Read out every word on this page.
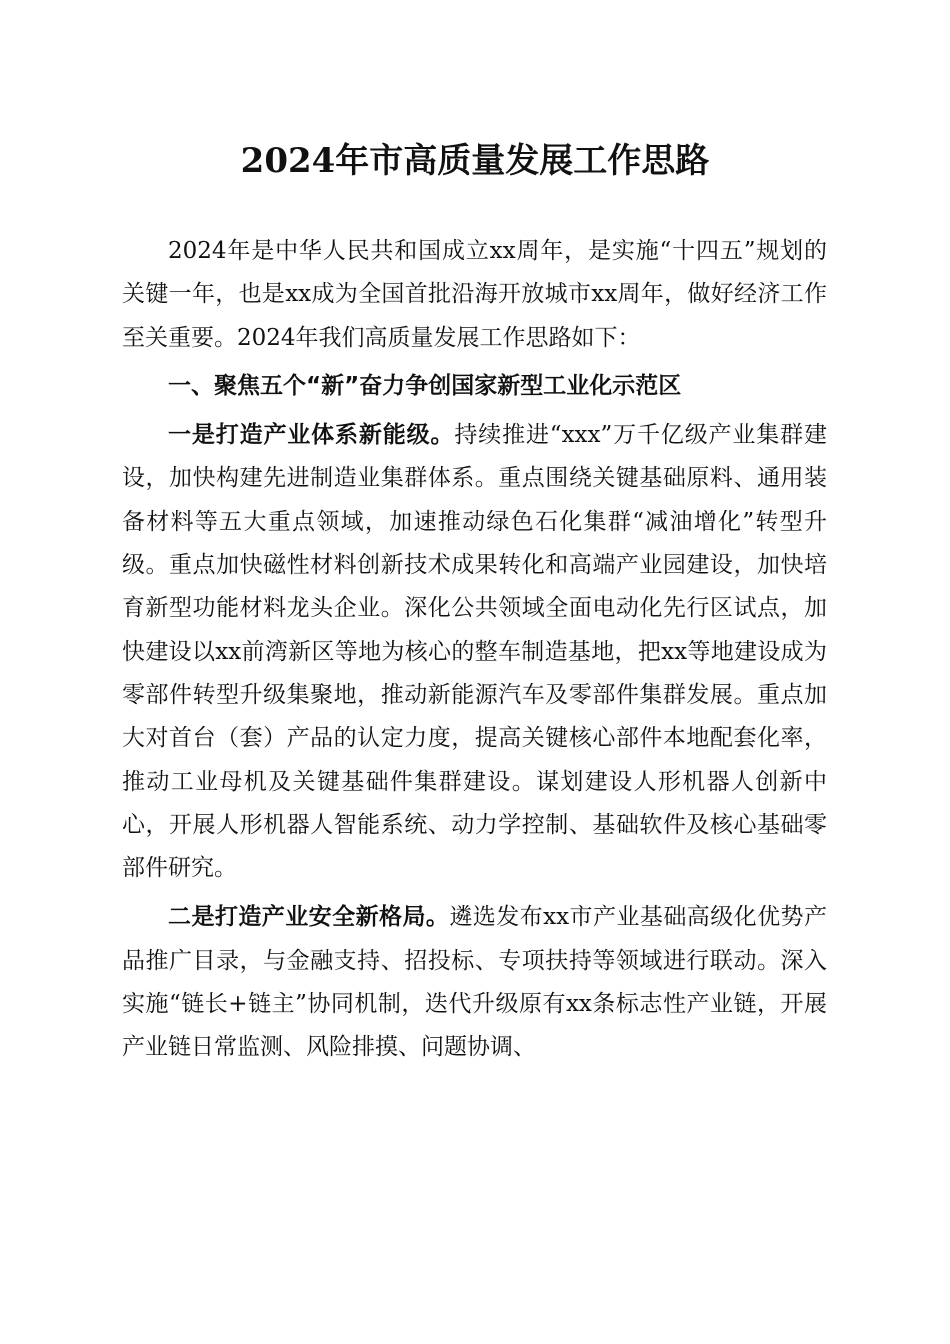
2024年市高质量发展工作思路

2024年是中华人民共和国成立xx周年，是实施“十四五”规划的关键一年，也是xx成为全国首批沿海开放城市xx周年，做好经济工作至关重要。2024年我们高质量发展工作思路如下：

一、聚焦五个“新”奋力争创国家新型工业化示范区

一是打造产业体系新能级。持续推进“xxx”万千亿级产业集群建设，加快构建先进制造业集群体系。重点围绕关键基础原料、通用装备材料等五大重点领域，加速推动绿色石化集群“减油增化”转型升级。重点加快磁性材料创新技术成果转化和高端产业园建设，加快培育新型功能材料龙头企业。深化公共领域全面电动化先行区试点，加快建设以xx前湾新区等地为核心的整车制造基地，把xx等地建设成为零部件转型升级集聚地，推动新能源汽车及零部件集群发展。重点加大对首台（套）产品的认定力度，提高关键核心部件本地配套化率，推动工业母机及关键基础件集群建设。谋划建设人形机器人创新中心，开展人形机器人智能系统、动力学控制、基础软件及核心基础零部件研究。

二是打造产业安全新格局。遴选发布xx市产业基础高级化优势产品推广目录，与金融支持、招投标、专项扶持等领域进行联动。深入实施“链长+链主”协同机制，迭代升级原有xx条标志性产业链，开展产业链日常监测、风险排摸、问题协调、
